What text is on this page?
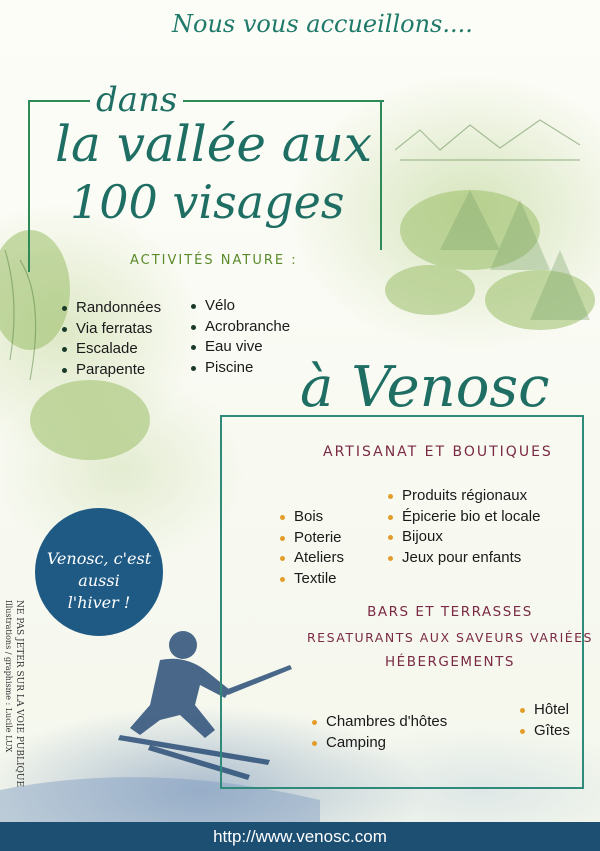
Nous vous accueillons....
dans
la vallée aux
100 visages
ACTIVITÉS NATURE :
Randonnées
Via ferratas
Escalade
Parapente
Vélo
Acrobranche
Eau vive
Piscine à Venosc
ARTISANAT ET BOUTIQUES
Bois
Poterie
Ateliers
Textile
Produits régionaux
Épicerie bio et locale
Bijoux
Jeux pour enfants
BARS ET TERRASSES
RESATURANTS AUX SAVEURS VARIÉES
HÉBERGEMENTS
Chambres d'hôtes
Camping
Hôtel
Gîtes
Venosc, c'est aussi
l'hiver !
NE PAS JETER SUR LA VOIE PUBLIQUE
Illustrations / graphisme : Lucile LUX
http://www.venosc.com
